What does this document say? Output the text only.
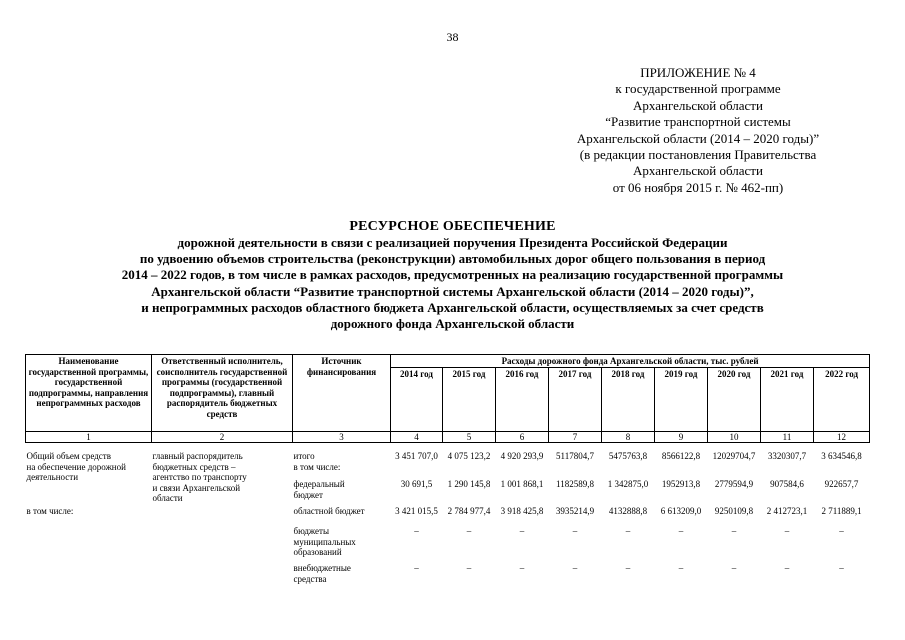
38
ПРИЛОЖЕНИЕ № 4
к государственной программе
Архангельской области
“Развитие транспортной системы
Архангельской области (2014 – 2020 годы)”
(в редакции постановления Правительства
Архангельской области
от 06 ноября 2015 г. № 462-пп)
РЕСУРСНОЕ ОБЕСПЕЧЕНИЕ
дорожной деятельности в связи с реализацией поручения Президента Российской Федерации
по удвоению объемов строительства (реконструкции) автомобильных дорог общего пользования в период
2014 – 2022 годов, в том числе в рамках расходов, предусмотренных на реализацию государственной программы
Архангельской области “Развитие транспортной системы Архангельской области (2014 – 2020 годы)”,
и непрограммных расходов областного бюджета Архангельской области, осуществляемых за счет средств
дорожного фонда Архангельской области
Наименование государственной программы, государственной подпрограммы, направления непрограммных расходов	Ответственный исполнитель, соисполнитель государственной программы (государственной подпрограммы), главный распорядитель бюджетных средств	Источник финансирования	Расходы дорожного фонда Архангельской области, тыс. рублей								
			2014 год	2015 год	2016 год	2017 год	2018 год	2019 год	2020 год	2021 год	2022 год
1	2	3	4	5	6	7	8	9	10	11	12

Общий объем средств
на обеспечение дорожной
деятельности	главный распорядитель
бюджетных средств –
агентство по транспорту
и связи Архангельской
области	итого
в том числе:	3 451 707,0	4 075 123,2	4 920 293,9	5117804,7	5475763,8	8566122,8	12029704,7	3320307,7	3 634546,8

		федеральный
бюджет	30 691,5	1 290 145,8	1 001 868,1	1182589,8	1 342875,0	1952913,8	2779594,9	907584,6	922657,7
в том числе:		областной бюджет	3 421 015,5	2 784 977,4	3 918 425,8	3935214,9	4132888,8	6 613209,0	9250109,8	2 412723,1	2 711889,1

		бюджеты
муниципальных
образований	–	–	–	–	–	–	–	–	–

		внебюджетные
средства	–	–	–	–	–	–	–	–	–
